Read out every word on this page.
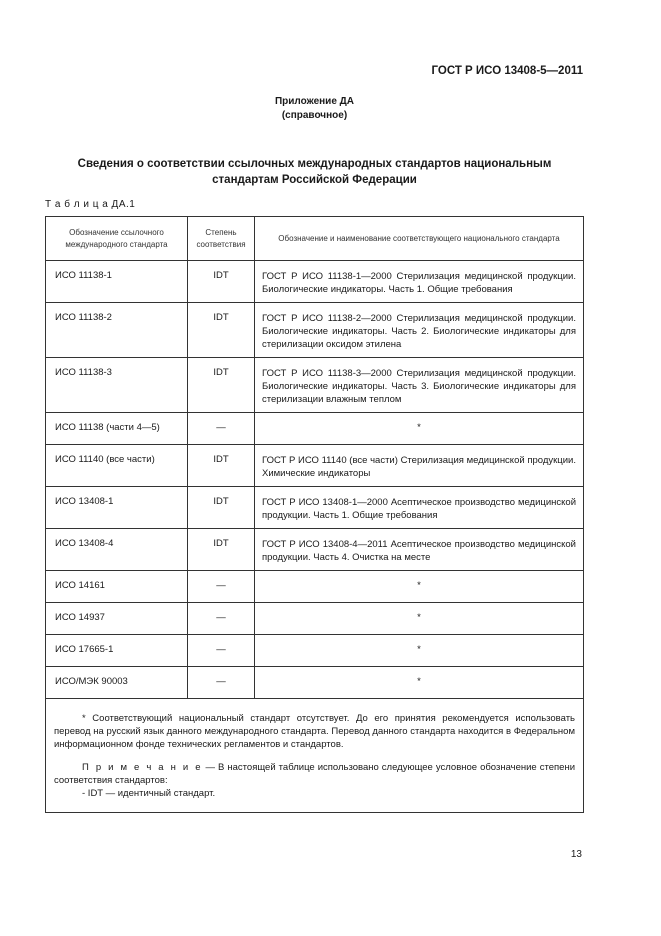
ГОСТ Р ИСО 13408-5—2011
Приложение ДА
(справочное)
Сведения о соответствии ссылочных международных стандартов национальным стандартам Российской Федерации
Т а б л и ц а ДА.1
Обозначение ссылочного международного стандарта	Степень соответствия	Обозначение и наименование соответствующего национального стандарта
ИСО 11138-1	IDT	ГОСТ Р ИСО 11138-1—2000 Стерилизация медицинской продукции. Биологические индикаторы. Часть 1. Общие требования
ИСО 11138-2	IDT	ГОСТ Р ИСО 11138-2—2000 Стерилизация медицинской продукции. Биологические индикаторы. Часть 2. Биологические индикаторы для стерилизации оксидом этилена
ИСО 11138-3	IDT	ГОСТ Р ИСО 11138-3—2000 Стерилизация медицинской продукции. Биологические индикаторы. Часть 3. Биологические индикаторы для стерилизации влажным теплом
ИСО 11138 (части 4—5)	—	*
ИСО 11140 (все части)	IDT	ГОСТ Р ИСО 11140 (все части) Стерилизация медицинской продукции. Химические индикаторы
ИСО 13408-1	IDT	ГОСТ Р ИСО 13408-1—2000 Асептическое производство медицинской продукции. Часть 1. Общие требования
ИСО 13408-4	IDT	ГОСТ Р ИСО 13408-4—2011 Асептическое производство медицинской продукции. Часть 4. Очистка на месте
ИСО 14161	—	*
ИСО 14937	—	*
ИСО 17665-1	—	*
ИСО/МЭК 90003	—	*

* Соответствующий национальный стандарт отсутствует. До его принятия рекомендуется использовать перевод на русский язык данного международного стандарта. Перевод данного стандарта находится в Федеральном информационном фонде технических регламентов и стандартов.

П р и м е ч а н и е — В настоящей таблице использовано следующее условное обозначение степени соответствия стандартов:

- IDT — идентичный стандарт.		

13
